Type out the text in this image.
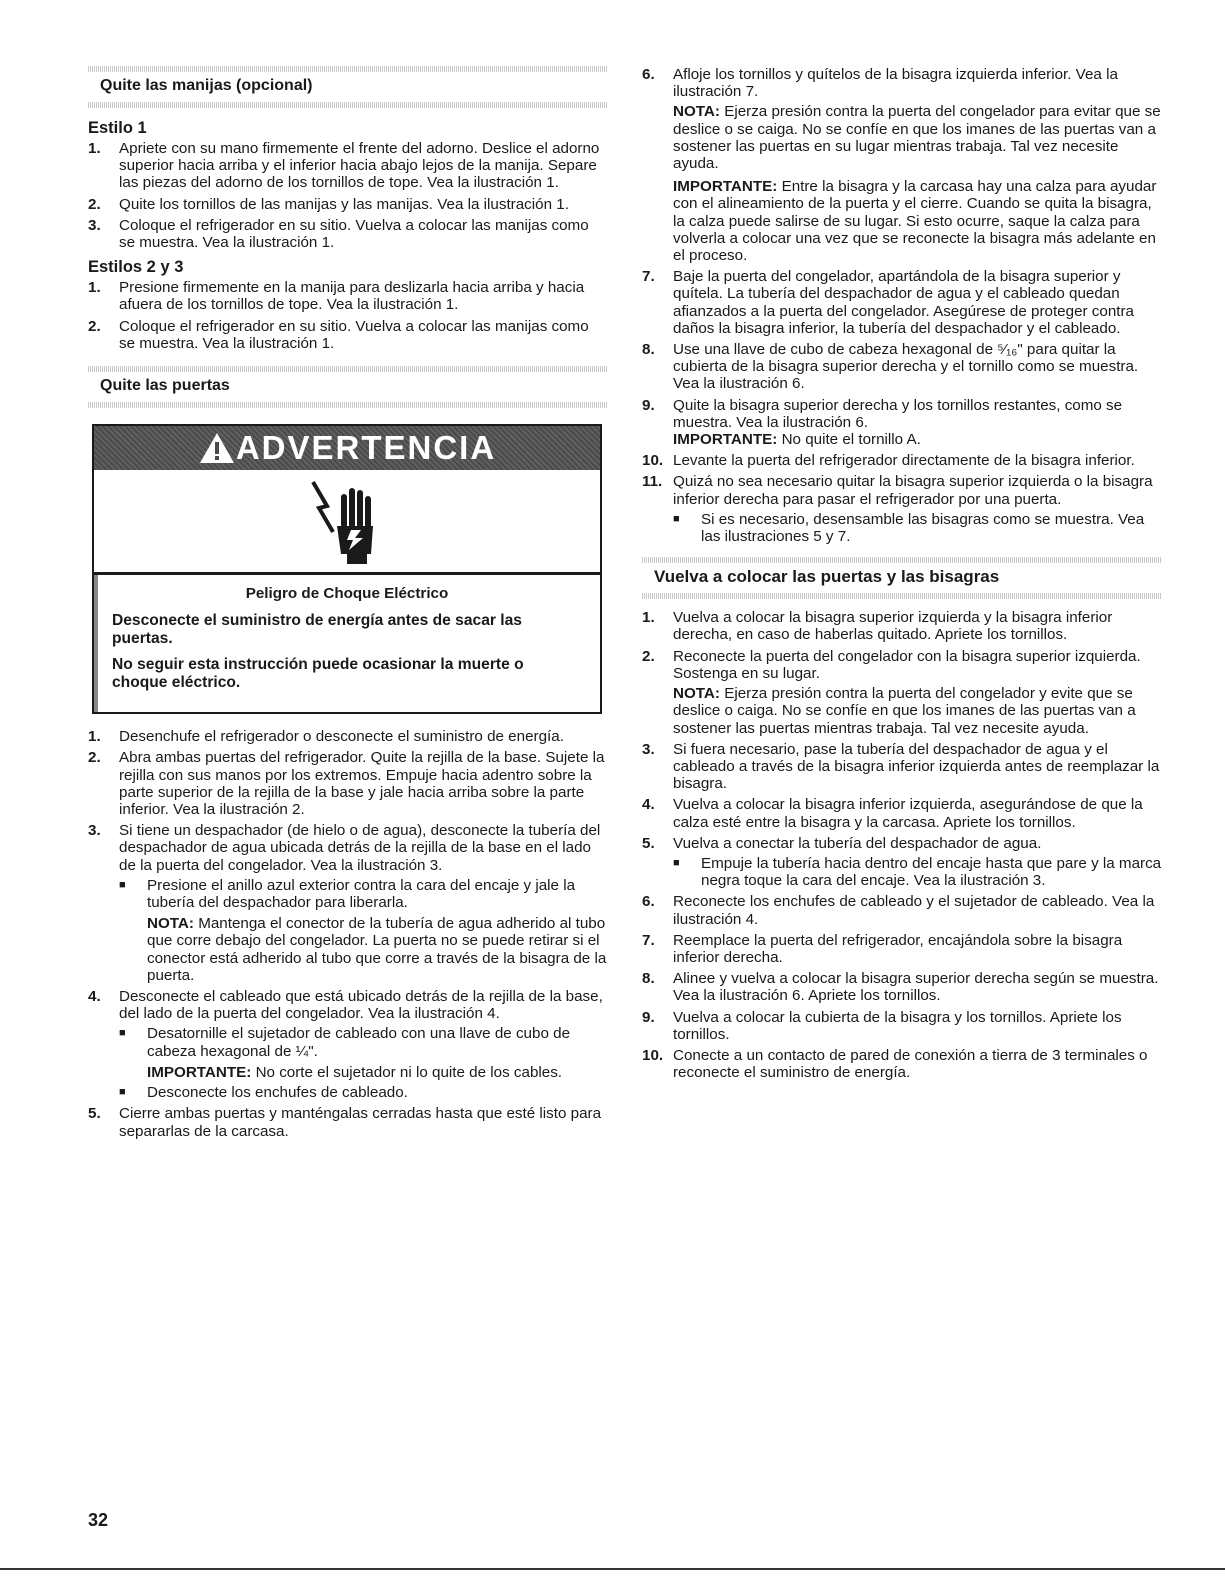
Quite las manijas (opcional)
Estilo 1
1. Apriete con su mano firmemente el frente del adorno. Deslice el adorno superior hacia arriba y el inferior hacia abajo lejos de la manija. Separe las piezas del adorno de los tornillos de tope. Vea la ilustración 1.
2. Quite los tornillos de las manijas y las manijas. Vea la ilustración 1.
3. Coloque el refrigerador en su sitio. Vuelva a colocar las manijas como se muestra. Vea la ilustración 1.
Estilos 2 y 3
1. Presione firmemente en la manija para deslizarla hacia arriba y hacia afuera de los tornillos de tope. Vea la ilustración 1.
2. Coloque el refrigerador en su sitio. Vuelva a colocar las manijas como se muestra. Vea la ilustración 1.
Quite las puertas
ADVERTENCIA
Peligro de Choque Eléctrico

Desconecte el suministro de energía antes de sacar las puertas.

No seguir esta instrucción puede ocasionar la muerte o choque eléctrico.

1. Desenchufe el refrigerador o desconecte el suministro de energía.
2. Abra ambas puertas del refrigerador. Quite la rejilla de la base. Sujete la rejilla con sus manos por los extremos. Empuje hacia adentro sobre la parte superior de la rejilla de la base y jale hacia arriba sobre la parte inferior. Vea la ilustración 2.
3. Si tiene un despachador (de hielo o de agua), desconecte la tubería del despachador de agua ubicada detrás de la rejilla de la base en el lado de la puerta del congelador. Vea la ilustración 3.
■ Presione el anillo azul exterior contra la cara del encaje y jale la tubería del despachador para liberarla.
NOTA: Mantenga el conector de la tubería de agua adherido al tubo que corre debajo del congelador. La puerta no se puede retirar si el conector está adherido al tubo que corre a través de la bisagra de la puerta.
4. Desconecte el cableado que está ubicado detrás de la rejilla de la base, del lado de la puerta del congelador. Vea la ilustración 4.
■ Desatornille el sujetador de cableado con una llave de cubo de cabeza hexagonal de ¼".
IMPORTANTE: No corte el sujetador ni lo quite de los cables.
■ Desconecte los enchufes de cableado.
5. Cierre ambas puertas y manténgalas cerradas hasta que esté listo para separarlas de la carcasa.
6. Afloje los tornillos y quítelos de la bisagra izquierda inferior. Vea la ilustración 7.
NOTA: Ejerza presión contra la puerta del congelador para evitar que se deslice o se caiga. No se confíe en que los imanes de las puertas van a sostener las puertas en su lugar mientras trabaja. Tal vez necesite ayuda.
IMPORTANTE: Entre la bisagra y la carcasa hay una calza para ayudar con el alineamiento de la puerta y el cierre. Cuando se quita la bisagra, la calza puede salirse de su lugar. Si esto ocurre, saque la calza para volverla a colocar una vez que se reconecte la bisagra más adelante en el proceso.
7. Baje la puerta del congelador, apartándola de la bisagra superior y quítela. La tubería del despachador de agua y el cableado quedan afianzados a la puerta del congelador. Asegúrese de proteger contra daños la bisagra inferior, la tubería del despachador y el cableado.
8. Use una llave de cubo de cabeza hexagonal de ⁵⁄₁₆" para quitar la cubierta de la bisagra superior derecha y el tornillo como se muestra. Vea la ilustración 6.
9. Quite la bisagra superior derecha y los tornillos restantes, como se muestra. Vea la ilustración 6.
IMPORTANTE: No quite el tornillo A.
10. Levante la puerta del refrigerador directamente de la bisagra inferior.
11. Quizá no sea necesario quitar la bisagra superior izquierda o la bisagra inferior derecha para pasar el refrigerador por una puerta.
■ Si es necesario, desensamble las bisagras como se muestra. Vea las ilustraciones 5 y 7.
Vuelva a colocar las puertas y las bisagras
1. Vuelva a colocar la bisagra superior izquierda y la bisagra inferior derecha, en caso de haberlas quitado. Apriete los tornillos.
2. Reconecte la puerta del congelador con la bisagra superior izquierda. Sostenga en su lugar.
NOTA: Ejerza presión contra la puerta del congelador y evite que se deslice o caiga. No se confíe en que los imanes de las puertas van a sostener las puertas mientras trabaja. Tal vez necesite ayuda.
3. Si fuera necesario, pase la tubería del despachador de agua y el cableado a través de la bisagra inferior izquierda antes de reemplazar la bisagra.
4. Vuelva a colocar la bisagra inferior izquierda, asegurándose de que la calza esté entre la bisagra y la carcasa. Apriete los tornillos.
5. Vuelva a conectar la tubería del despachador de agua.
■ Empuje la tubería hacia dentro del encaje hasta que pare y la marca negra toque la cara del encaje. Vea la ilustración 3.
6. Reconecte los enchufes de cableado y el sujetador de cableado. Vea la ilustración 4.
7. Reemplace la puerta del refrigerador, encajándola sobre la bisagra inferior derecha.
8. Alinee y vuelva a colocar la bisagra superior derecha según se muestra. Vea la ilustración 6. Apriete los tornillos.
9. Vuelva a colocar la cubierta de la bisagra y los tornillos. Apriete los tornillos.
10. Conecte a un contacto de pared de conexión a tierra de 3 terminales o reconecte el suministro de energía.
32
